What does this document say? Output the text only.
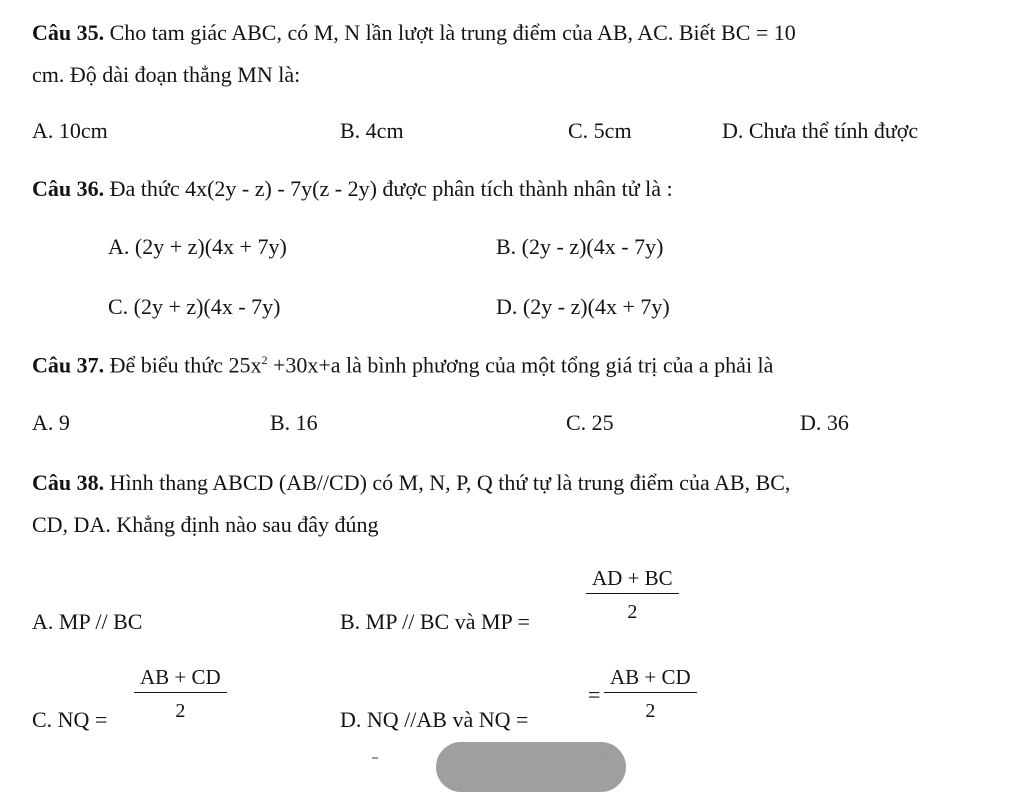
Câu 35. Cho tam giác ABC, có M, N lần lượt là trung điểm của AB, AC. Biết BC = 10
cm. Độ dài đoạn thẳng MN là:
A. 10cm	B. 4cm	C. 5cm	D. Chưa thể tính được
Câu 36. Đa thức 4x(2y - z) - 7y(z - 2y) được phân tích thành nhân tử là :
A. (2y + z)(4x + 7y)	B. (2y - z)(4x - 7y)
C. (2y + z)(4x - 7y)	D. (2y - z)(4x + 7y)
Câu 37. Để biểu thức $25x^2 +30x+a$ là bình phương của một tổng giá trị của a phải là
A. 9	B. 16	C. 25	D. 36
Câu 38. Hình thang ABCD (AB//CD) có M, N, P, Q thứ tự là trung điểm của AB, BC,
CD, DA. Khẳng định nào sau đây đúng
A. MP // BC	B. MP // BC và MP =	$\frac{AD + BC}{2}$
C. NQ = $\frac{AB + CD}{2}$	D. NQ //AB và NQ =
= $\frac{AB + CD}{2}$
